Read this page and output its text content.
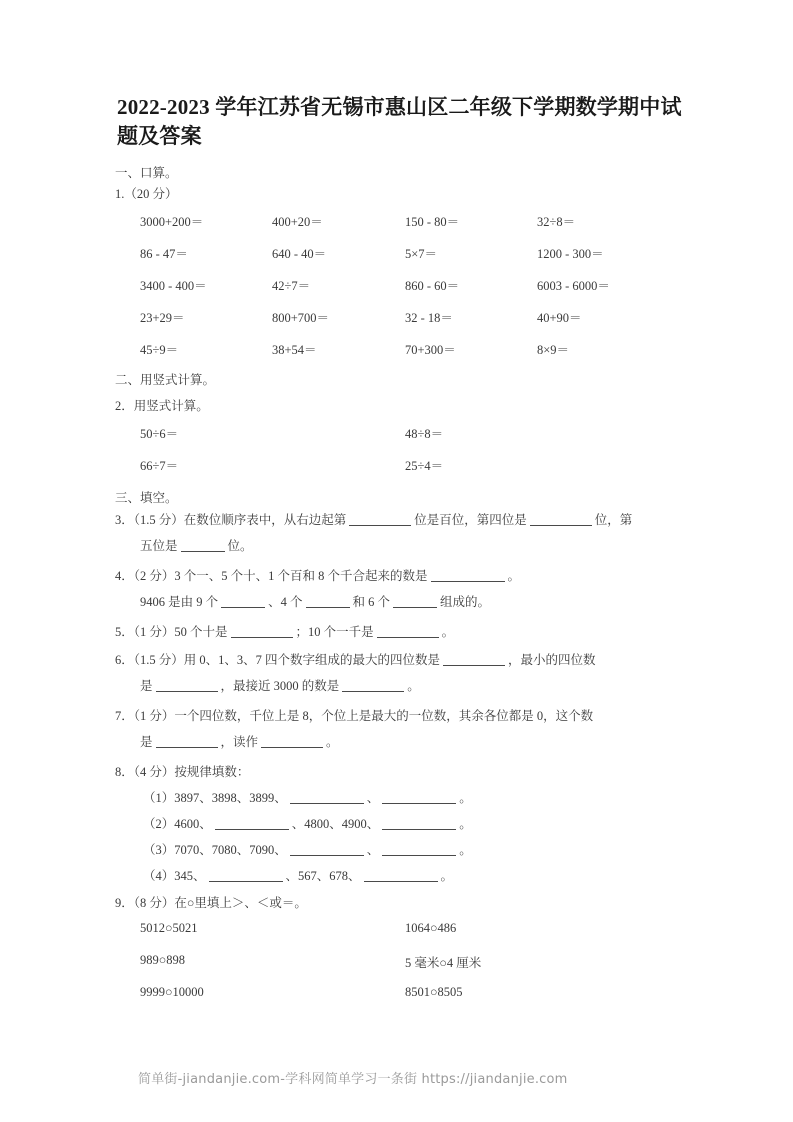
2022-2023 学年江苏省无锡市惠山区二年级下学期数学期中试题及答案
一、口算。
1.（20 分）
3000+200＝	400+20＝	150 - 80＝	32÷8＝
86 - 47＝	640 - 40＝	5×7＝	1200 - 300＝
3400 - 400＝	42÷7＝	860 - 60＝	6003 - 6000＝
23+29＝	800+700＝	32 - 18＝	40+90＝
45÷9＝	38+54＝	70+300＝	8×9＝
二、用竖式计算。
2．用竖式计算。
50÷6＝	48÷8＝
66÷7＝	25÷4＝
三、填空。
3．（1.5 分）在数位顺序表中，从右边起第	位是百位，第四位是	位，第
五位是	位。
4．（2 分）3 个一、5 个十、1 个百和 8 个千合起来的数是	。
9406 是由 9 个	、4 个	和 6 个	组成的。
5．（1 分）50 个十是	；10 个一千是	。
6．（1.5 分）用 0、1、3、7 四个数字组成的最大的四位数是	，最小的四位数
是	，最接近 3000 的数是	。
7．（1 分）一个四位数，千位上是 8，个位上是最大的一位数，其余各位都是 0，这个数
是	，读作	。
8．（4 分）按规律填数：
（1）3897、3898、3899、	、	。
（2）4600、	、4800、4900、	。
（3）7070、7080、7090、	、	。
（4）345、	、567、678、	。
9．（8 分）在○里填上＞、＜或＝。
5012○5021	1064○486
989○898	5 毫米○4 厘米
9999○10000	8501○8505
简单街-jiandanjie.com-学科网简单学习一条街 https://jiandanjie.com
